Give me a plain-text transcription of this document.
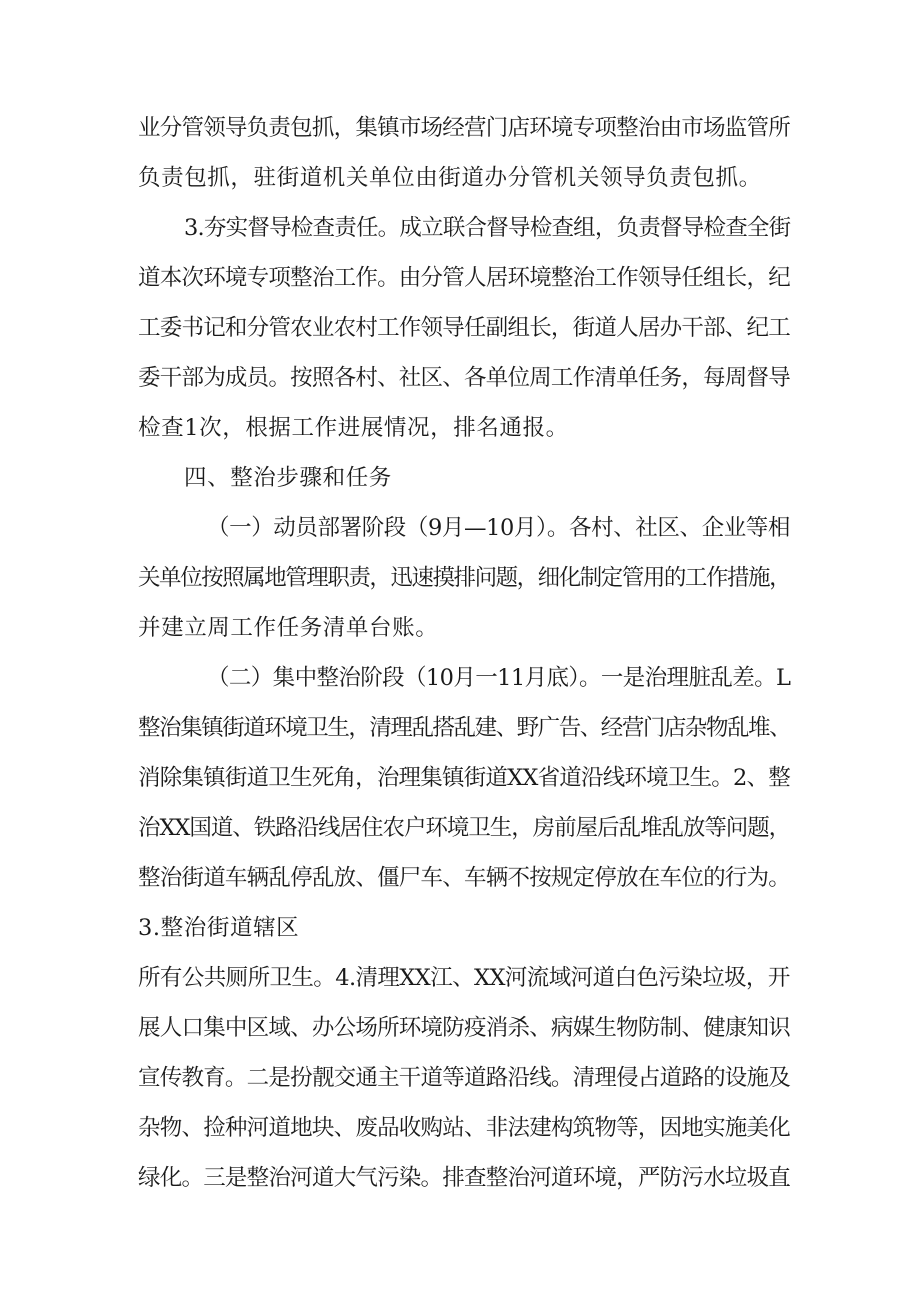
业分管领导负责包抓，集镇市场经营门店环境专项整治由市场监管所
负责包抓，驻街道机关单位由街道办分管机关领导负责包抓。
3.夯实督导检查责任。成立联合督导检查组，负责督导检查全街
道本次环境专项整治工作。由分管人居环境整治工作领导任组长，纪
工委书记和分管农业农村工作领导任副组长，街道人居办干部、纪工
委干部为成员。按照各村、社区、各单位周工作清单任务，每周督导
检查1次，根据工作进展情况，排名通报。
四、整治步骤和任务
（一）动员部署阶段（9月—10月）。各村、社区、企业等相
关单位按照属地管理职责，迅速摸排问题，细化制定管用的工作措施，
并建立周工作任务清单台账。
（二）集中整治阶段（10月一11月底）。一是治理脏乱差。L
整治集镇街道环境卫生，清理乱搭乱建、野广告、经营门店杂物乱堆、
消除集镇街道卫生死角，治理集镇街道XX省道沿线环境卫生。2、整
治XX国道、铁路沿线居住农户环境卫生，房前屋后乱堆乱放等问题，
整治街道车辆乱停乱放、僵尸车、车辆不按规定停放在车位的行为。
3.整治街道辖区
所有公共厕所卫生。4.清理XX江、XX河流域河道白色污染垃圾，开
展人口集中区域、办公场所环境防疫消杀、病媒生物防制、健康知识
宣传教育。二是扮靓交通主干道等道路沿线。清理侵占道路的设施及
杂物、捡种河道地块、废品收购站、非法建构筑物等，因地实施美化
绿化。三是整治河道大气污染。排查整治河道环境，严防污水垃圾直
